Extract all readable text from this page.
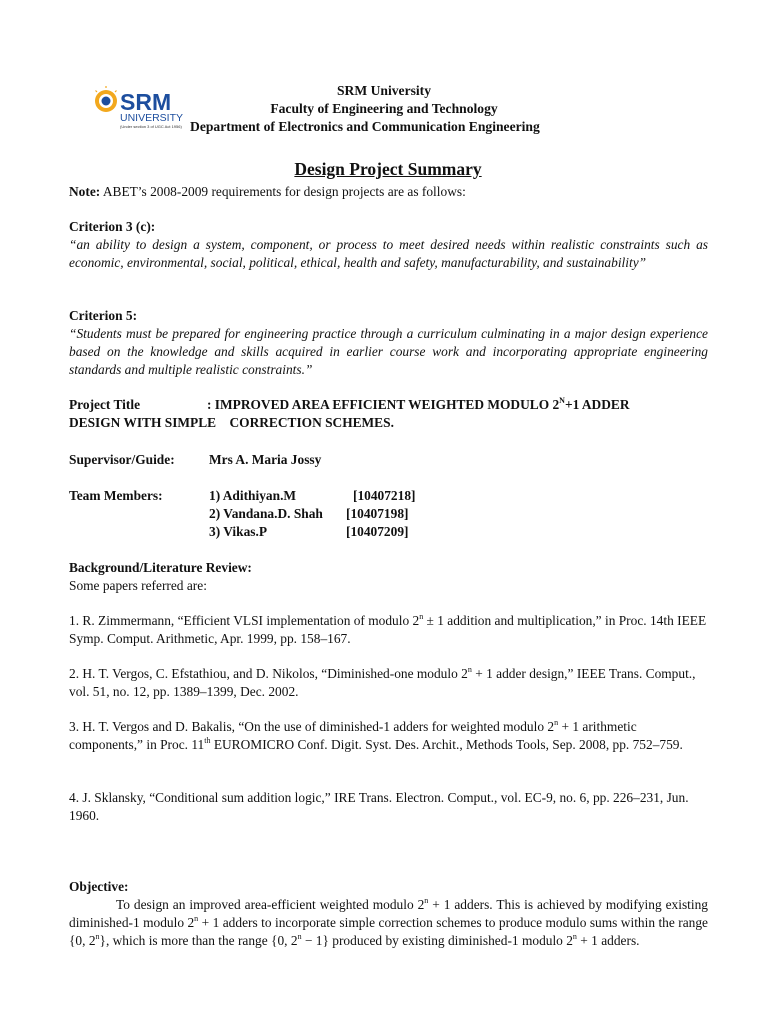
SRM
UNIVERSITY
(Under section 3 of UGC Act 1956)
SRM University
Faculty of Engineering and Technology
Department of Electronics and Communication Engineering
Design Project Summary
Note: ABET’s 2008-2009 requirements for design projects are as follows:
Criterion 3 (c):
“an ability to design a system, component, or process to meet desired needs within realistic constraints such as economic, environmental, social, political, ethical, health and safety, manufacturability, and sustainability”
Criterion 5:
“Students must be prepared for engineering practice through a curriculum culminating in a major design experience based on the knowledge and skills acquired in earlier course work and incorporating appropriate engineering standards and multiple realistic constraints.”
Project Title	: IMPROVED AREA EFFICIENT WEIGHTED MODULO $2^N+1$ ADDER
DESIGN WITH SIMPLE    CORRECTION SCHEMES.
Supervisor/Guide:	Mrs A. Maria Jossy
Team Members:	1) Adithiyan.M	[10407218]
2) Vandana.D. Shah [10407198]
3) Vikas.P	[10407209]
Background/Literature Review:
Some papers referred are:
1. R. Zimmermann, “Efficient VLSI implementation of modulo $2^n \pm 1$ addition and multiplication,” in Proc. 14th IEEE Symp. Comput. Arithmetic, Apr. 1999, pp. 158–167.
2. H. T. Vergos, C. Efstathiou, and D. Nikolos, “Diminished-one modulo $2^n + 1$ adder design,” IEEE Trans. Comput., vol. 51, no. 12, pp. 1389–1399, Dec. 2002.
3. H. T. Vergos and D. Bakalis, “On the use of diminished-1 adders for weighted modulo $2^n + 1$ arithmetic components,” in Proc. 11th EUROMICRO Conf. Digit. Syst. Des. Archit., Methods Tools, Sep. 2008, pp. 752–759.
4. J. Sklansky, “Conditional sum addition logic,” IRE Trans. Electron. Comput., vol. EC-9, no. 6, pp. 226–231, Jun. 1960.
Objective:
To design an improved area-efficient weighted modulo $2^n + 1$ adders. This is achieved by modifying existing diminished-1 modulo $2^n + 1$ adders to incorporate simple correction schemes to produce modulo sums within the range {0, 2$^n$}, which is more than the range {0, $2^n - 1$} produced by existing diminished-1 modulo $2^n + 1$ adders.
